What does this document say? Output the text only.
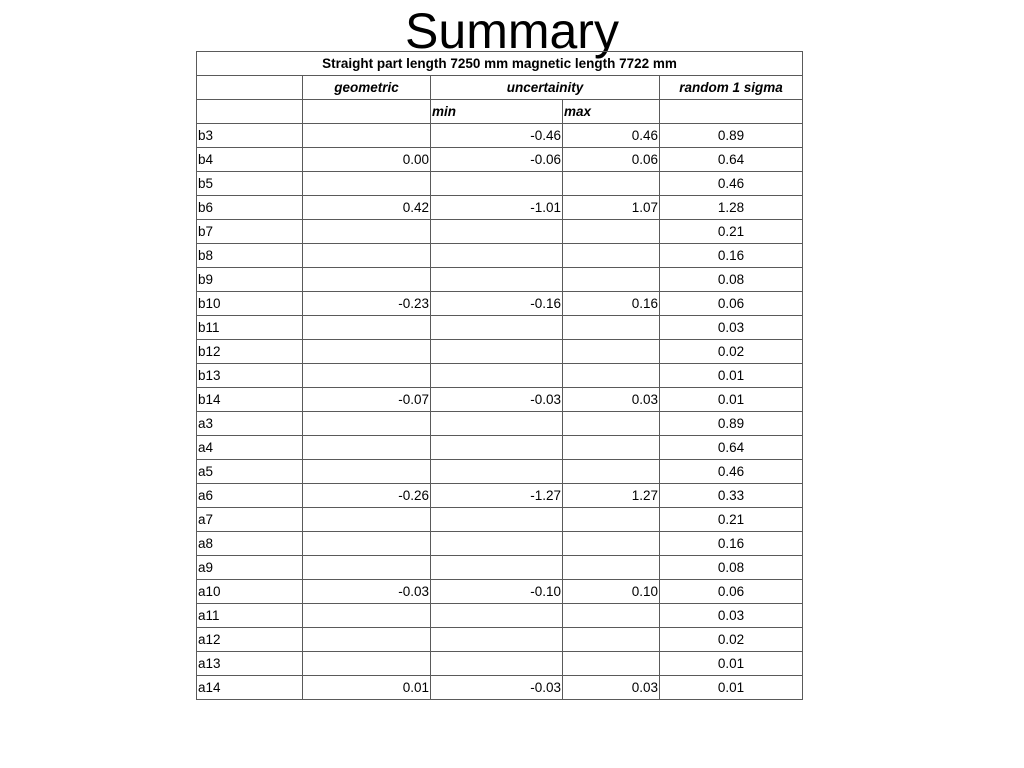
Summary
Straight part length 7250 mm magnetic length 7722 mm				
	geometric	uncertainity		random 1 sigma
		min	max	
b3		-0.46	0.46	0.89
b4	0.00	-0.06	0.06	0.64
b5				0.46
b6	0.42	-1.01	1.07	1.28
b7				0.21
b8				0.16
b9				0.08
b10	-0.23	-0.16	0.16	0.06
b11				0.03
b12				0.02
b13				0.01
b14	-0.07	-0.03	0.03	0.01
a3				0.89
a4				0.64
a5				0.46
a6	-0.26	-1.27	1.27	0.33
a7				0.21
a8				0.16
a9				0.08
a10	-0.03	-0.10	0.10	0.06
a11				0.03
a12				0.02
a13				0.01
a14	0.01	-0.03	0.03	0.01
